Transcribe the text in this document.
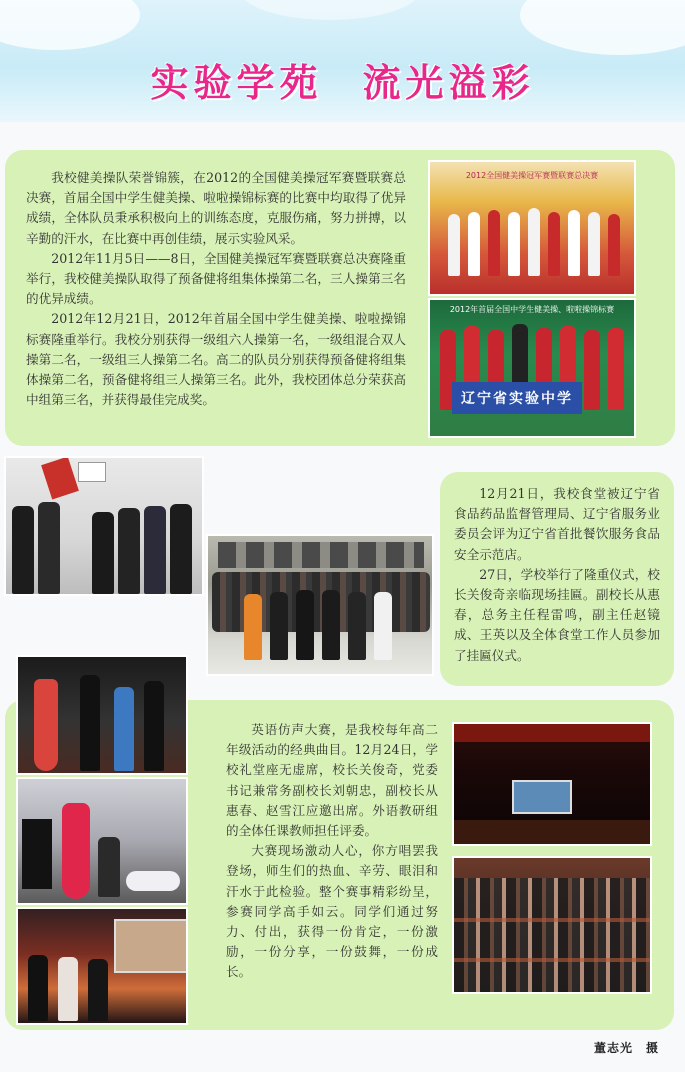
实验学苑 流光溢彩

我校健美操队荣誉锦簇，在2012的全国健美操冠军赛暨联赛总决赛，首届全国中学生健美操、啦啦操锦标赛的比赛中均取得了优异成绩，全体队员秉承积极向上的训练态度，克服伤痛，努力拼搏，以辛勤的汗水，在比赛中再创佳绩，展示实验风采。

2012年11月5日——8日，全国健美操冠军赛暨联赛总决赛隆重举行，我校健美操队取得了预备健将组集体操第二名，三人操第三名的优异成绩。

2012年12月21日，2012年首届全国中学生健美操、啦啦操锦标赛隆重举行。我校分别获得一级组六人操第一名，一级组混合双人操第二名，一级组三人操第二名。高二的队员分别获得预备健将组集体操第二名，预备健将组三人操第三名。此外，我校团体总分荣获高中组第三名，并获得最佳完成奖。

2012全国健美操冠军赛暨联赛总决赛
2012年首届全国中学生健美操、啦啦操锦标赛
辽宁省实验中学

12月21日，我校食堂被辽宁省食品药品监督管理局、辽宁省服务业委员会评为辽宁省首批餐饮服务食品安全示范店。

27日，学校举行了隆重仪式，校长关俊奇亲临现场挂匾。副校长从惠春，总务主任程雷鸣，副主任赵镜成、王英以及全体食堂工作人员参加了挂匾仪式。

英语仿声大赛，是我校每年高二年级活动的经典曲目。12月24日，学校礼堂座无虚席，校长关俊奇，党委书记兼常务副校长刘朝忠，副校长从惠春、赵雪江应邀出席。外语教研组的全体任课教师担任评委。

大赛现场激动人心，你方唱罢我登场，师生们的热血、辛劳、眼泪和汗水于此检验。整个赛事精彩纷呈，参赛同学高手如云。同学们通过努力、付出，获得一份肯定，一份激励，一份分享，一份鼓舞，一份成长。

董志光　摄
